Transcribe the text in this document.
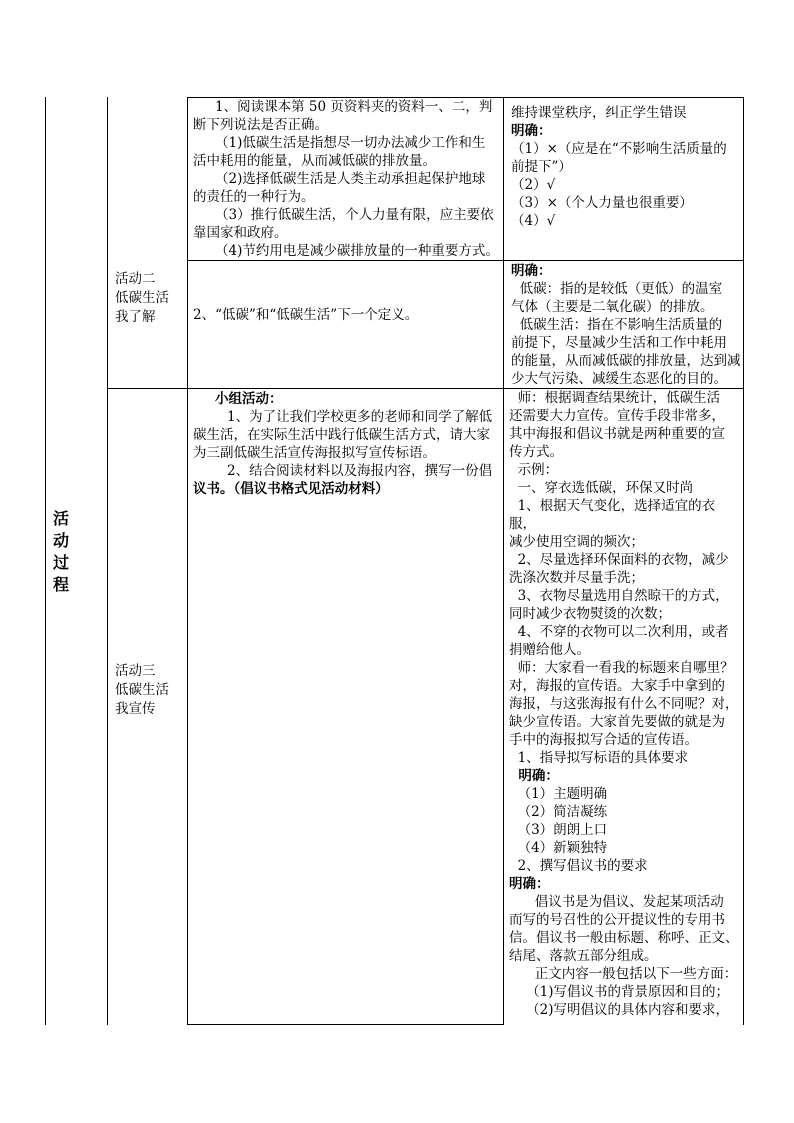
活
动
过
程
活动二
低碳生活
我了解

1、阅读课本第 50 页资料夹的资料一、二，判

断下列说法是否正确。

（1)低碳生活是指想尽一切办法减少工作和生

活中耗用的能量，从而减低碳的排放量。

（2)选择低碳生活是人类主动承担起保护地球

的责任的一种行为。

（3）推行低碳生活，个人力量有限，应主要依

靠国家和政府。

（4)节约用电是减少碳排放量的一种重要方式。

维持课堂秩序，纠正学生错误

明确：

（1）×（应是在“不影响生活质量的

前提下”）

（2）√

（3）×（个人力量也很重要）

（4）√

2、“低碳”和“低碳生活”下一个定义。

明确：

低碳：指的是较低（更低）的温室

气体（主要是二氧化碳）的排放。

低碳生活：指在不影响生活质量的

前提下，尽量减少生活和工作中耗用

的能量，从而减低碳的排放量，达到减

少大气污染、减缓生态恶化的目的。

活动三
低碳生活
我宣传

小组活动：

1、为了让我们学校更多的老师和同学了解低

碳生活，在实际生活中践行低碳生活方式，请大家

为三副低碳生活宣传海报拟写宣传标语。

2、结合阅读材料以及海报内容，撰写一份倡

议书。（倡议书格式见活动材料）

师：根据调查结果统计，低碳生活

还需要大力宣传。宣传手段非常多，

其中海报和倡议书就是两种重要的宣

传方式。

示例：

一、穿衣选低碳，环保又时尚

1、根据天气变化，选择适宜的衣服，

减少使用空调的频次；

2、尽量选择环保面料的衣物，减少

洗涤次数并尽量手洗；

3、衣物尽量选用自然晾干的方式，

同时减少衣物熨烫的次数；

4、不穿的衣物可以二次利用，或者

捐赠给他人。

师：大家看一看我的标题来自哪里？

对，海报的宣传语。大家手中拿到的

海报，与这张海报有什么不同呢？对，

缺少宣传语。大家首先要做的就是为

手中的海报拟写合适的宣传语。

1、指导拟写标语的具体要求

明确：

（1）主题明确

（2）简洁凝练

（3）朗朗上口

（4）新颖独特

2、撰写倡议书的要求

明确：

倡议书是为倡议、发起某项活动

而写的号召性的公开提议性的专用书

信。倡议书一般由标题、称呼、正文、

结尾、落款五部分组成。

正文内容一般包括以下一些方面：

（1)写倡议书的背景原因和目的；

（2)写明倡议的具体内容和要求，
